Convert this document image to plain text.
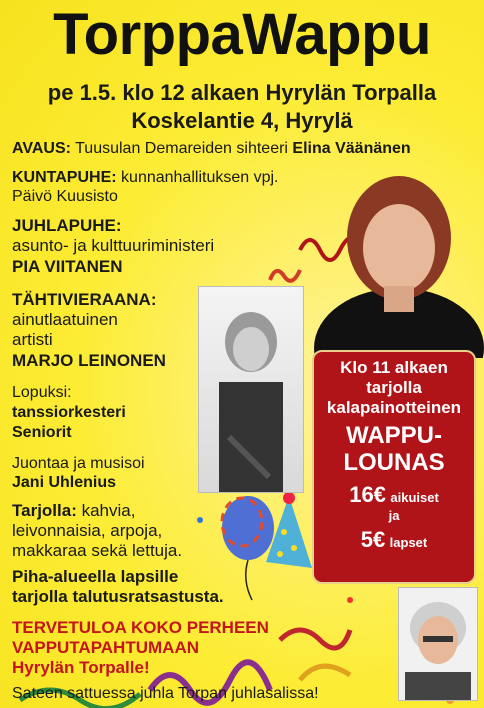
TorppaWappu
pe 1.5. klo 12 alkaen Hyrylän Torpalla
Koskelantie 4, Hyrylä
AVAUS: Tuusulan Demareiden sihteeri Elina Väänänen
KUNTAPUHE: kunnanhallituksen vpj.
Päivö Kuusisto
JUHLAPUHE:
asunto- ja kulttuuriministeri
PIA VIITANEN
TÄHTIVIERAANA:
ainutlaatuinen
artisti
MARJO LEINONEN
Lopuksi:
tanssiorkesteri
Seniorit
Juontaa ja musisoi
Jani Uhlenius
Tarjolla: kahvia,
leivonnaisia, arpoja,
makkaraa sekä lettuja.
Piha-alueella lapsille
tarjolla talutusratsastusta.
TERVETULOA KOKO PERHEEN
VAPPUTAPAHTUMAAN
Hyrylän Torpalle!
Sateen sattuessa juhla Torpan juhlasalissa!
Klo 11 alkaen
tarjolla
kalapainotteinen
WAPPU-
LOUNAS
16€ aikuiset
ja
5€ lapset
